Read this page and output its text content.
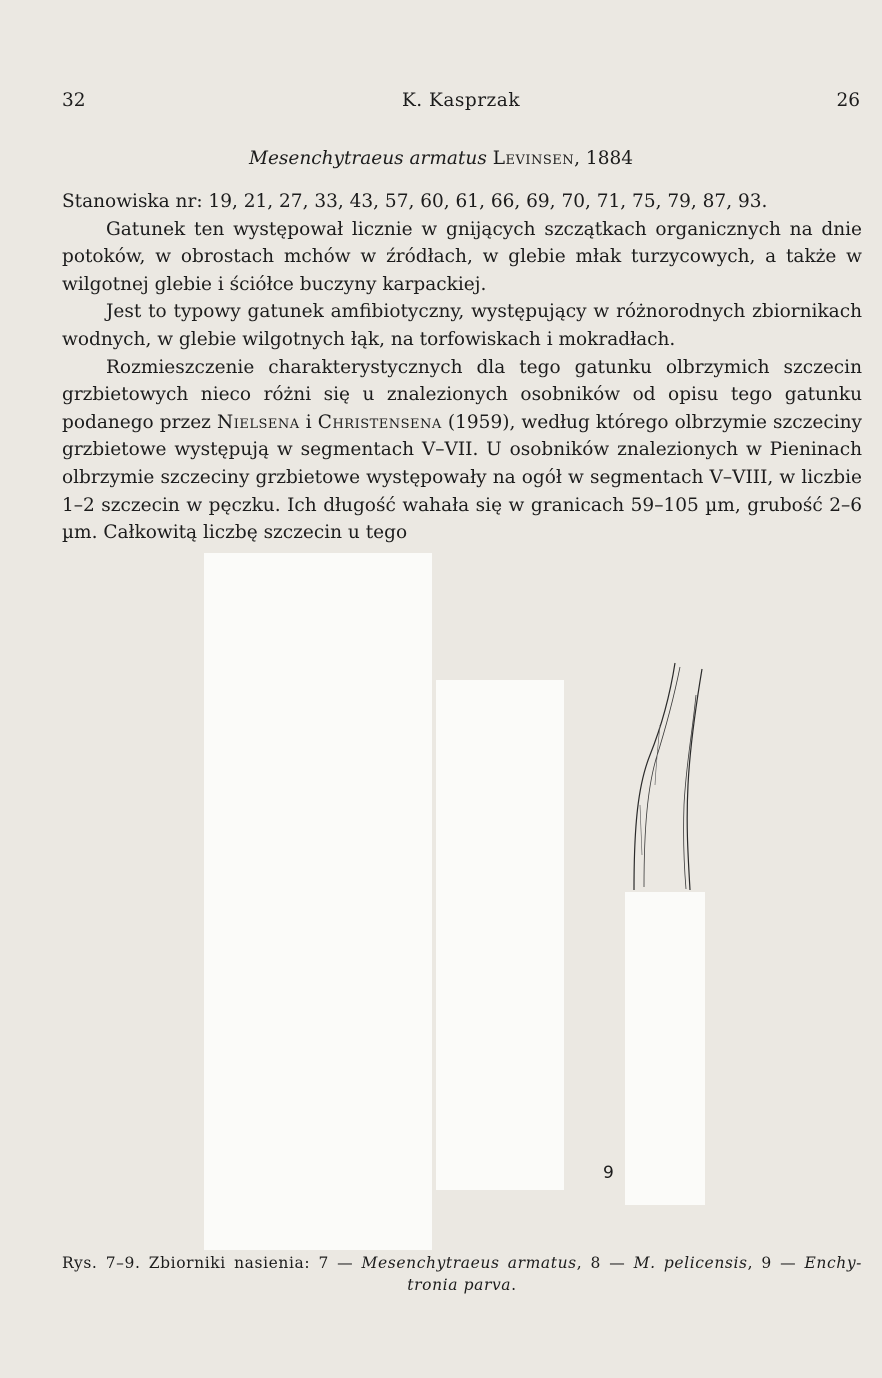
32	K. Kasprzak	26
Mesenchytraeus armatus Levinsen, 1884

Stanowiska nr: 19, 21, 27, 33, 43, 57, 60, 61, 66, 69, 70, 71, 75, 79, 87, 93.

Gatunek ten występował licznie w gnijących szczątkach organicznych na dnie potoków, w obrostach mchów w źródłach, w glebie młak turzycowych, a także w wilgotnej glebie i ściółce buczyny karpackiej.

Jest to typowy gatunek amfibiotyczny, występujący w różnorodnych zbiornikach wodnych, w glebie wilgotnych łąk, na torfowiskach i mokradłach.

Rozmieszczenie charakterystycznych dla tego gatunku olbrzymich szczecin grzbietowych nieco różni się u znalezionych osobników od opisu tego gatunku podanego przez Nielsena i Christensena (1959), według którego olbrzymie szczeciny grzbietowe występują w segmentach V–VII. U osobników znalezionych w Pieninach olbrzymie szczeciny grzbietowe występowały na ogół w segmentach V–VIII, w liczbie 1–2 szczecin w pęczku. Ich długość wahała się w granicach 59–105 µm, grubość 2–6 µm. Całkowitą liczbę szczecin u tego

9
Rys. 7–9. Zbiorniki nasienia: 7 — Mesenchytraeus armatus, 8 — M. pelicensis, 9 — Enchy-
tronia parva.
